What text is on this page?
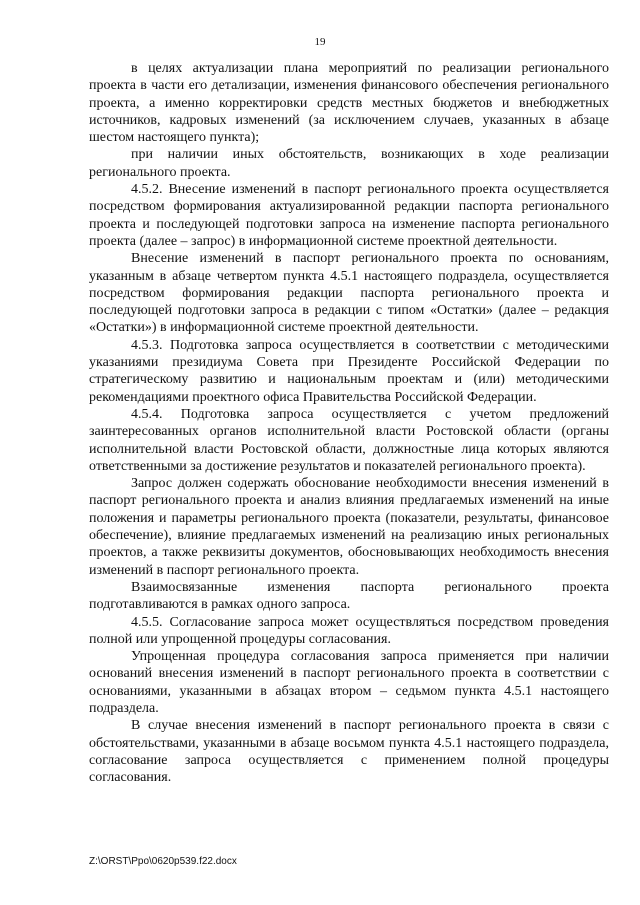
19

в целях актуализации плана мероприятий по реализации регионального проекта в части его детализации, изменения финансового обеспечения регионального проекта, а именно корректировки средств местных бюджетов и внебюджетных источников, кадровых изменений (за исключением случаев, указанных в абзаце шестом настоящего пункта);

при наличии иных обстоятельств, возникающих в ходе реализации регионального проекта.

4.5.2. Внесение изменений в паспорт регионального проекта осуществляется посредством формирования актуализированной редакции паспорта регионального проекта и последующей подготовки запроса на изменение паспорта регионального проекта (далее – запрос) в информационной системе проектной деятельности.

Внесение изменений в паспорт регионального проекта по основаниям, указанным в абзаце четвертом пункта 4.5.1 настоящего подраздела, осуществляется посредством формирования редакции паспорта регионального проекта и последующей подготовки запроса в редакции с типом «Остатки» (далее – редакция «Остатки») в информационной системе проектной деятельности.

4.5.3. Подготовка запроса осуществляется в соответствии с методическими указаниями президиума Совета при Президенте Российской Федерации по стратегическому развитию и национальным проектам и (или) методическими рекомендациями проектного офиса Правительства Российской Федерации.

4.5.4. Подготовка запроса осуществляется с учетом предложений заинтересованных органов исполнительной власти Ростовской области (органы исполнительной власти Ростовской области, должностные лица которых являются ответственными за достижение результатов и показателей регионального проекта).

Запрос должен содержать обоснование необходимости внесения изменений в паспорт регионального проекта и анализ влияния предлагаемых изменений на иные положения и параметры регионального проекта (показатели, результаты, финансовое обеспечение), влияние предлагаемых изменений на реализацию иных региональных проектов, а также реквизиты документов, обосновывающих необходимость внесения изменений в паспорт регионального проекта.

Взаимосвязанные изменения паспорта регионального проекта подготавливаются в рамках одного запроса.

4.5.5. Согласование запроса может осуществляться посредством проведения полной или упрощенной процедуры согласования.

Упрощенная процедура согласования запроса применяется при наличии оснований внесения изменений в паспорт регионального проекта в соответствии с основаниями, указанными в абзацах втором – седьмом пункта 4.5.1 настоящего подраздела.

В случае внесения изменений в паспорт регионального проекта в связи с обстоятельствами, указанными в абзаце восьмом пункта 4.5.1 настоящего подраздела, согласование запроса осуществляется с применением полной процедуры согласования.

Z:\ORST\Ppo\0620p539.f22.docx
